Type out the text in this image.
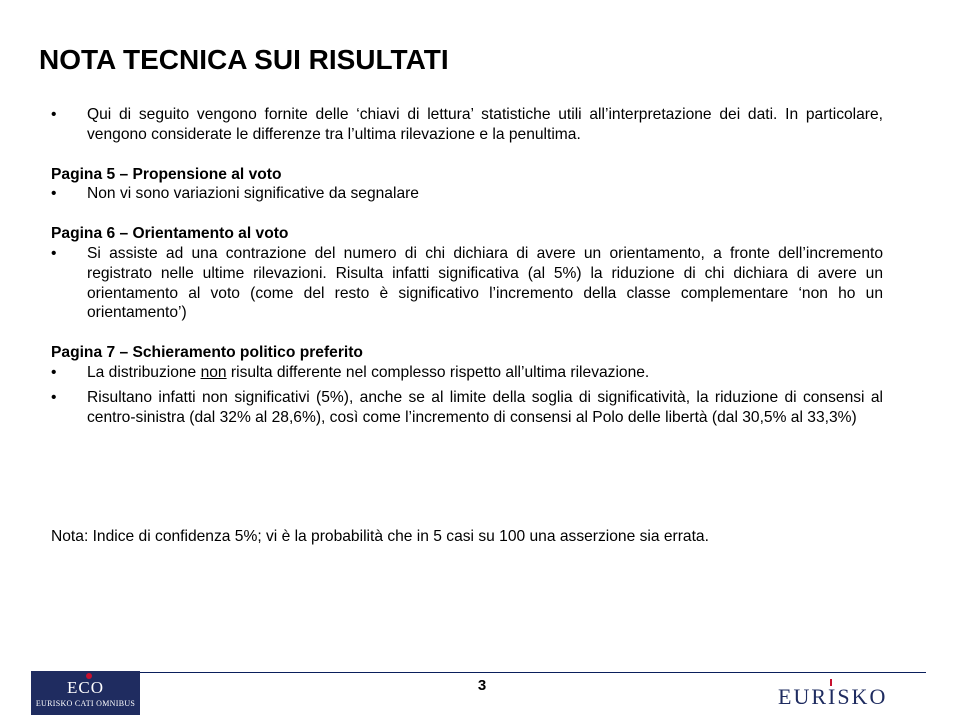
NOTA TECNICA SUI RISULTATI
•	Qui di seguito vengono fornite delle ‘chiavi di lettura’ statistiche utili all’interpretazione dei dati. In particolare, vengono considerate le differenze tra l’ultima rilevazione e la penultima.
Pagina 5 – Propensione al voto
•	Non vi sono variazioni significative da segnalare
Pagina 6 – Orientamento al voto
•	Si assiste ad una contrazione del numero di chi dichiara di avere un orientamento, a fronte dell’incremento registrato nelle ultime rilevazioni. Risulta infatti significativa (al 5%) la riduzione di chi dichiara di avere un orientamento al voto (come del resto è significativo l’incremento della classe complementare ‘non ho un orientamento’)
Pagina 7 – Schieramento politico preferito
•	La distribuzione non risulta differente nel complesso rispetto all’ultima rilevazione.
•	Risultano infatti non significativi (5%), anche se al limite della soglia di significatività, la riduzione di consensi al centro-sinistra (dal 32% al 28,6%), così come l’incremento di consensi al Polo delle libertà (dal 30,5% al 33,3%)
Nota: Indice di confidenza 5%; vi è la probabilità che in 5 casi su 100 una asserzione sia errata.
ECO
EURISKO CATI OMNIBUS
3	EURISKO
